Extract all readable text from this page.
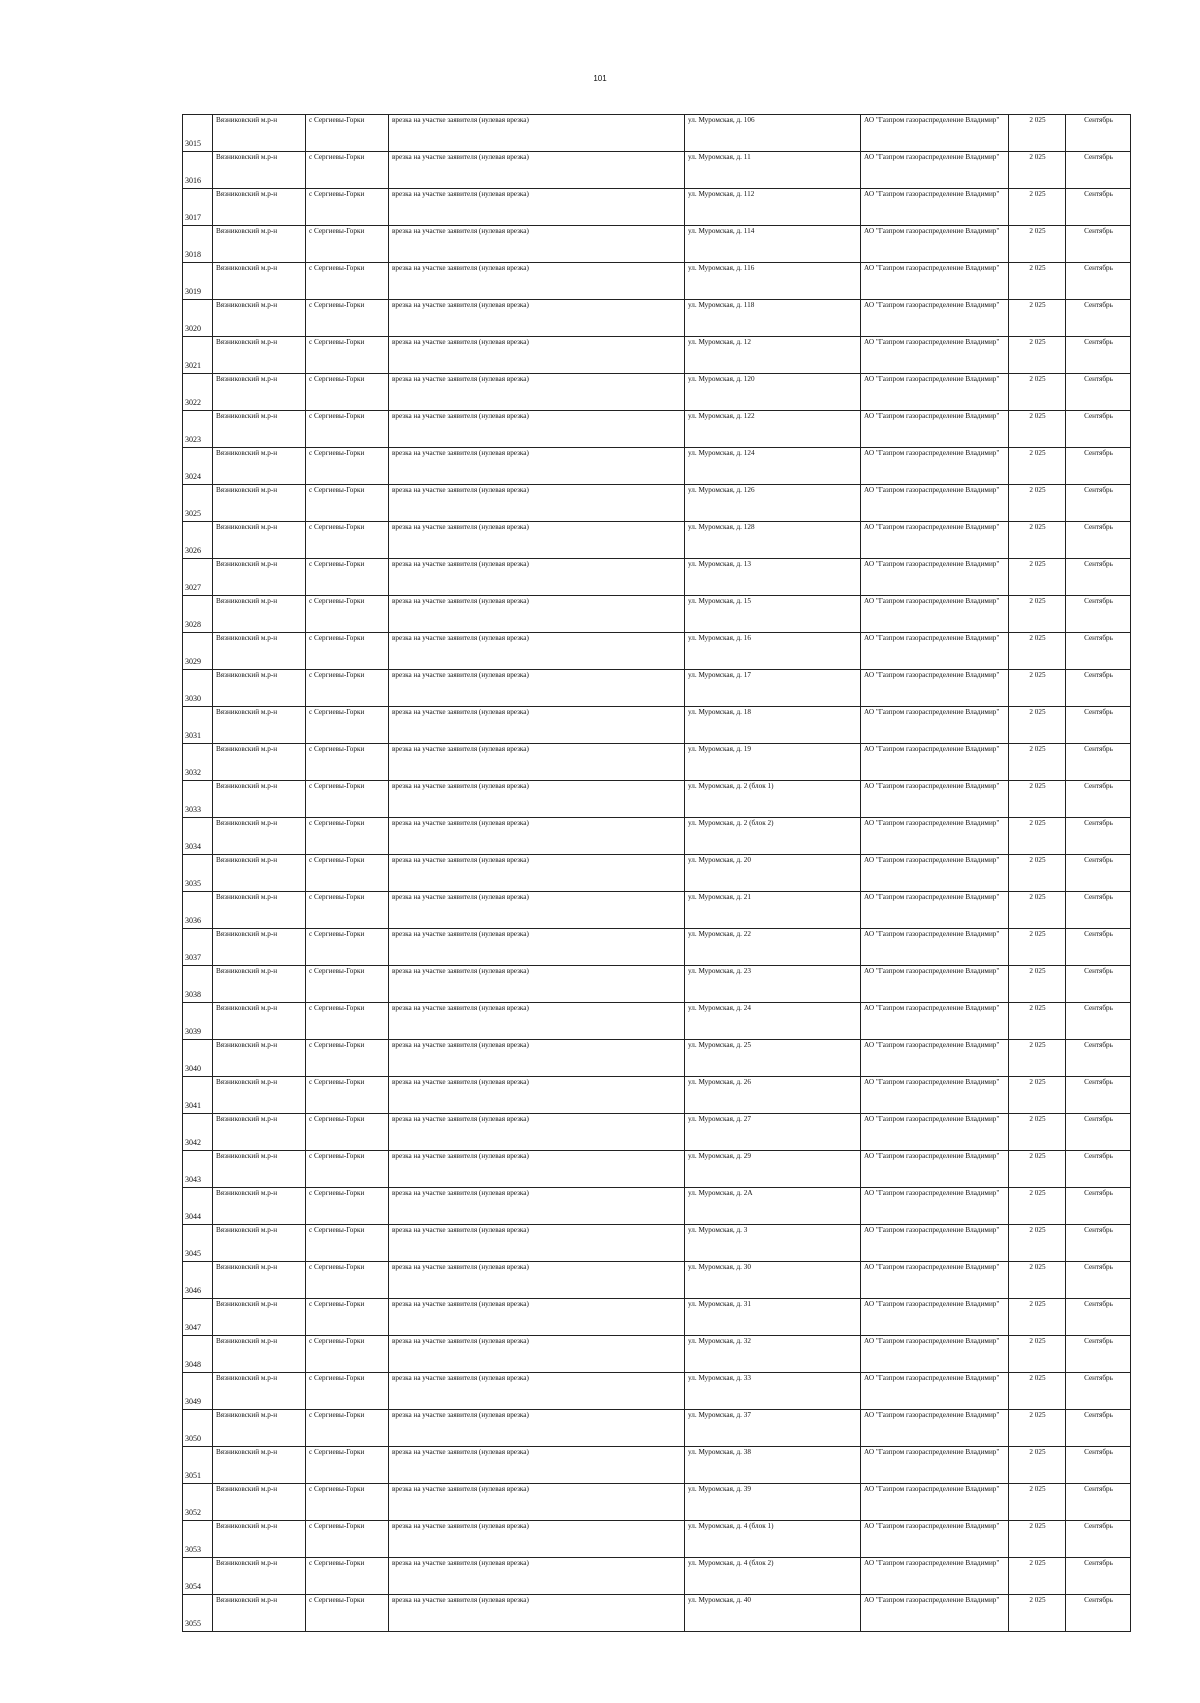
101
3015	Вязниковский м.р-н	с Сергиевы-Горки	врезка на участке заявителя (нулевая врезка)	ул. Муромская, д. 106	АО "Газпром газораспределение Владимир"	2 025	Сентябрь
3016	Вязниковский м.р-н	с Сергиевы-Горки	врезка на участке заявителя (нулевая врезка)	ул. Муромская, д. 11	АО "Газпром газораспределение Владимир"	2 025	Сентябрь
3017	Вязниковский м.р-н	с Сергиевы-Горки	врезка на участке заявителя (нулевая врезка)	ул. Муромская, д. 112	АО "Газпром газораспределение Владимир"	2 025	Сентябрь
3018	Вязниковский м.р-н	с Сергиевы-Горки	врезка на участке заявителя (нулевая врезка)	ул. Муромская, д. 114	АО "Газпром газораспределение Владимир"	2 025	Сентябрь
3019	Вязниковский м.р-н	с Сергиевы-Горки	врезка на участке заявителя (нулевая врезка)	ул. Муромская, д. 116	АО "Газпром газораспределение Владимир"	2 025	Сентябрь
3020	Вязниковский м.р-н	с Сергиевы-Горки	врезка на участке заявителя (нулевая врезка)	ул. Муромская, д. 118	АО "Газпром газораспределение Владимир"	2 025	Сентябрь
3021	Вязниковский м.р-н	с Сергиевы-Горки	врезка на участке заявителя (нулевая врезка)	ул. Муромская, д. 12	АО "Газпром газораспределение Владимир"	2 025	Сентябрь
3022	Вязниковский м.р-н	с Сергиевы-Горки	врезка на участке заявителя (нулевая врезка)	ул. Муромская, д. 120	АО "Газпром газораспределение Владимир"	2 025	Сентябрь
3023	Вязниковский м.р-н	с Сергиевы-Горки	врезка на участке заявителя (нулевая врезка)	ул. Муромская, д. 122	АО "Газпром газораспределение Владимир"	2 025	Сентябрь
3024	Вязниковский м.р-н	с Сергиевы-Горки	врезка на участке заявителя (нулевая врезка)	ул. Муромская, д. 124	АО "Газпром газораспределение Владимир"	2 025	Сентябрь
3025	Вязниковский м.р-н	с Сергиевы-Горки	врезка на участке заявителя (нулевая врезка)	ул. Муромская, д. 126	АО "Газпром газораспределение Владимир"	2 025	Сентябрь
3026	Вязниковский м.р-н	с Сергиевы-Горки	врезка на участке заявителя (нулевая врезка)	ул. Муромская, д. 128	АО "Газпром газораспределение Владимир"	2 025	Сентябрь
3027	Вязниковский м.р-н	с Сергиевы-Горки	врезка на участке заявителя (нулевая врезка)	ул. Муромская, д. 13	АО "Газпром газораспределение Владимир"	2 025	Сентябрь
3028	Вязниковский м.р-н	с Сергиевы-Горки	врезка на участке заявителя (нулевая врезка)	ул. Муромская, д. 15	АО "Газпром газораспределение Владимир"	2 025	Сентябрь
3029	Вязниковский м.р-н	с Сергиевы-Горки	врезка на участке заявителя (нулевая врезка)	ул. Муромская, д. 16	АО "Газпром газораспределение Владимир"	2 025	Сентябрь
3030	Вязниковский м.р-н	с Сергиевы-Горки	врезка на участке заявителя (нулевая врезка)	ул. Муромская, д. 17	АО "Газпром газораспределение Владимир"	2 025	Сентябрь
3031	Вязниковский м.р-н	с Сергиевы-Горки	врезка на участке заявителя (нулевая врезка)	ул. Муромская, д. 18	АО "Газпром газораспределение Владимир"	2 025	Сентябрь
3032	Вязниковский м.р-н	с Сергиевы-Горки	врезка на участке заявителя (нулевая врезка)	ул. Муромская, д. 19	АО "Газпром газораспределение Владимир"	2 025	Сентябрь
3033	Вязниковский м.р-н	с Сергиевы-Горки	врезка на участке заявителя (нулевая врезка)	ул. Муромская, д. 2 (блок 1)	АО "Газпром газораспределение Владимир"	2 025	Сентябрь
3034	Вязниковский м.р-н	с Сергиевы-Горки	врезка на участке заявителя (нулевая врезка)	ул. Муромская, д. 2 (блок 2)	АО "Газпром газораспределение Владимир"	2 025	Сентябрь
3035	Вязниковский м.р-н	с Сергиевы-Горки	врезка на участке заявителя (нулевая врезка)	ул. Муромская, д. 20	АО "Газпром газораспределение Владимир"	2 025	Сентябрь
3036	Вязниковский м.р-н	с Сергиевы-Горки	врезка на участке заявителя (нулевая врезка)	ул. Муромская, д. 21	АО "Газпром газораспределение Владимир"	2 025	Сентябрь
3037	Вязниковский м.р-н	с Сергиевы-Горки	врезка на участке заявителя (нулевая врезка)	ул. Муромская, д. 22	АО "Газпром газораспределение Владимир"	2 025	Сентябрь
3038	Вязниковский м.р-н	с Сергиевы-Горки	врезка на участке заявителя (нулевая врезка)	ул. Муромская, д. 23	АО "Газпром газораспределение Владимир"	2 025	Сентябрь
3039	Вязниковский м.р-н	с Сергиевы-Горки	врезка на участке заявителя (нулевая врезка)	ул. Муромская, д. 24	АО "Газпром газораспределение Владимир"	2 025	Сентябрь
3040	Вязниковский м.р-н	с Сергиевы-Горки	врезка на участке заявителя (нулевая врезка)	ул. Муромская, д. 25	АО "Газпром газораспределение Владимир"	2 025	Сентябрь
3041	Вязниковский м.р-н	с Сергиевы-Горки	врезка на участке заявителя (нулевая врезка)	ул. Муромская, д. 26	АО "Газпром газораспределение Владимир"	2 025	Сентябрь
3042	Вязниковский м.р-н	с Сергиевы-Горки	врезка на участке заявителя (нулевая врезка)	ул. Муромская, д. 27	АО "Газпром газораспределение Владимир"	2 025	Сентябрь
3043	Вязниковский м.р-н	с Сергиевы-Горки	врезка на участке заявителя (нулевая врезка)	ул. Муромская, д. 29	АО "Газпром газораспределение Владимир"	2 025	Сентябрь
3044	Вязниковский м.р-н	с Сергиевы-Горки	врезка на участке заявителя (нулевая врезка)	ул. Муромская, д. 2А	АО "Газпром газораспределение Владимир"	2 025	Сентябрь
3045	Вязниковский м.р-н	с Сергиевы-Горки	врезка на участке заявителя (нулевая врезка)	ул. Муромская, д. 3	АО "Газпром газораспределение Владимир"	2 025	Сентябрь
3046	Вязниковский м.р-н	с Сергиевы-Горки	врезка на участке заявителя (нулевая врезка)	ул. Муромская, д. 30	АО "Газпром газораспределение Владимир"	2 025	Сентябрь
3047	Вязниковский м.р-н	с Сергиевы-Горки	врезка на участке заявителя (нулевая врезка)	ул. Муромская, д. 31	АО "Газпром газораспределение Владимир"	2 025	Сентябрь
3048	Вязниковский м.р-н	с Сергиевы-Горки	врезка на участке заявителя (нулевая врезка)	ул. Муромская, д. 32	АО "Газпром газораспределение Владимир"	2 025	Сентябрь
3049	Вязниковский м.р-н	с Сергиевы-Горки	врезка на участке заявителя (нулевая врезка)	ул. Муромская, д. 33	АО "Газпром газораспределение Владимир"	2 025	Сентябрь
3050	Вязниковский м.р-н	с Сергиевы-Горки	врезка на участке заявителя (нулевая врезка)	ул. Муромская, д. 37	АО "Газпром газораспределение Владимир"	2 025	Сентябрь
3051	Вязниковский м.р-н	с Сергиевы-Горки	врезка на участке заявителя (нулевая врезка)	ул. Муромская, д. 38	АО "Газпром газораспределение Владимир"	2 025	Сентябрь
3052	Вязниковский м.р-н	с Сергиевы-Горки	врезка на участке заявителя (нулевая врезка)	ул. Муромская, д. 39	АО "Газпром газораспределение Владимир"	2 025	Сентябрь
3053	Вязниковский м.р-н	с Сергиевы-Горки	врезка на участке заявителя (нулевая врезка)	ул. Муромская, д. 4 (блок 1)	АО "Газпром газораспределение Владимир"	2 025	Сентябрь
3054	Вязниковский м.р-н	с Сергиевы-Горки	врезка на участке заявителя (нулевая врезка)	ул. Муромская, д. 4 (блок 2)	АО "Газпром газораспределение Владимир"	2 025	Сентябрь
3055	Вязниковский м.р-н	с Сергиевы-Горки	врезка на участке заявителя (нулевая врезка)	ул. Муромская, д. 40	АО "Газпром газораспределение Владимир"	2 025	Сентябрь
